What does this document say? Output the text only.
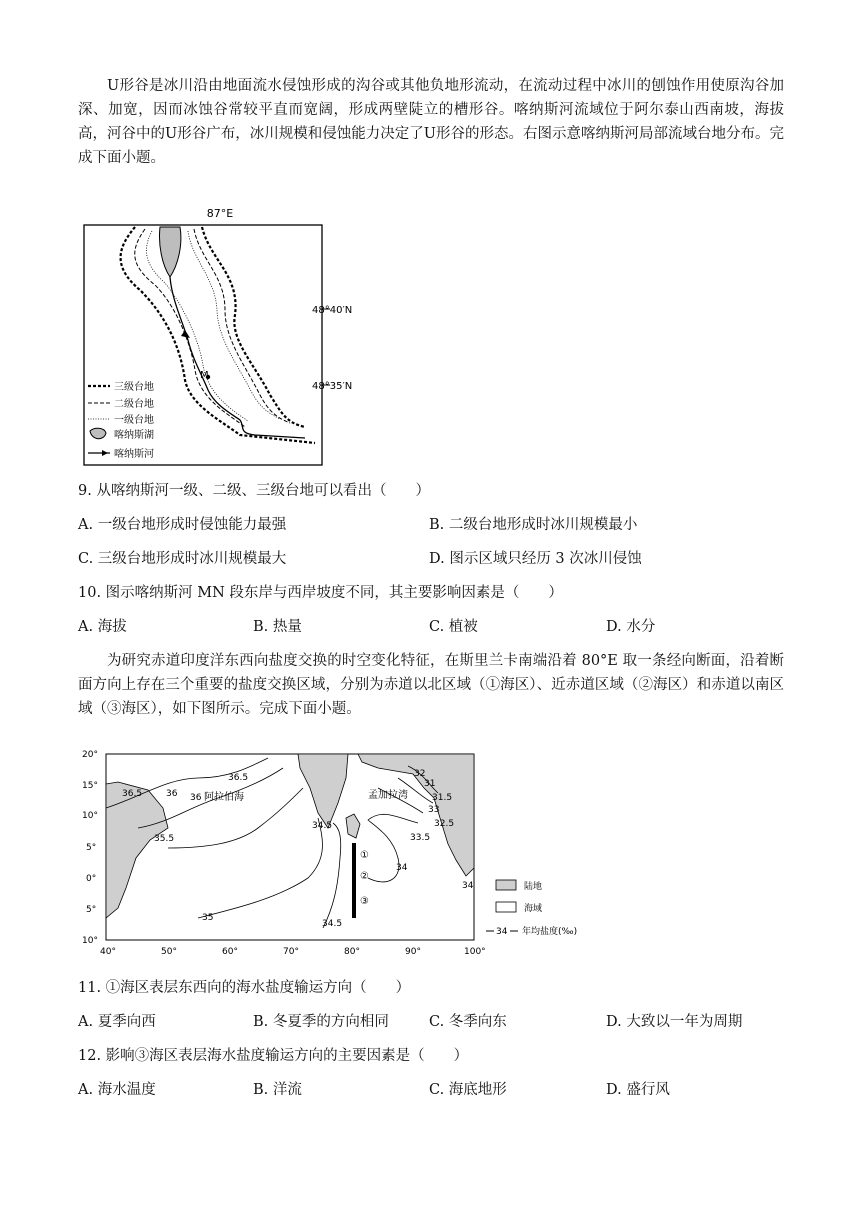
U形谷是冰川沿由地面流水侵蚀形成的沟谷或其他负地形流动，在流动过程中冰川的刨蚀作用使原沟谷加深、加宽，因而冰蚀谷常较平直而宽阔，形成两壁陡立的槽形谷。喀纳斯河流域位于阿尔泰山西南坡，海拔高，河谷中的U形谷广布，冰川规模和侵蚀能力决定了U形谷的形态。右图示意喀纳斯河局部流域台地分布。完成下面小题。
87°E
48°40′N
48°35′N
M
三级台地
二级台地
一级台地
喀纳斯湖
喀纳斯河
9. 从喀纳斯河一级、二级、三级台地可以看出（　　）
A. 一级台地形成时侵蚀能力最强	B. 二级台地形成时冰川规模最小
C. 三级台地形成时冰川规模最大	D. 图示区域只经历 3 次冰川侵蚀
10. 图示喀纳斯河 MN 段东岸与西岸坡度不同，其主要影响因素是（　　）
A. 海拔	B. 热量	C. 植被	D. 水分
为研究赤道印度洋东西向盐度交换的时空变化特征，在斯里兰卡南端沿着 80°E 取一条经向断面，沿着断面方向上存在三个重要的盐度交换区域，分别为赤道以北区域（①海区）、近赤道区域（②海区）和赤道以南区域（③海区），如下图所示。完成下面小题。
36.5
36.5
36 36
35.5
35
34.5
34.5
34
33.5
33
32.5
31.5
31
32
34
阿拉伯海	孟加拉湾
①
②
③
20°
15°
10°
5°
0°
5°
10°
40°	50°	60°	70°	80°	90°	100°
陆地
海域
34 年均盐度(‰)
11. ①海区表层东西向的海水盐度输运方向（　　）
A. 夏季向西	B. 冬夏季的方向相同	C. 冬季向东	D. 大致以一年为周期
12. 影响③海区表层海水盐度输运方向的主要因素是（　　）
A. 海水温度	B. 洋流	C. 海底地形	D. 盛行风
